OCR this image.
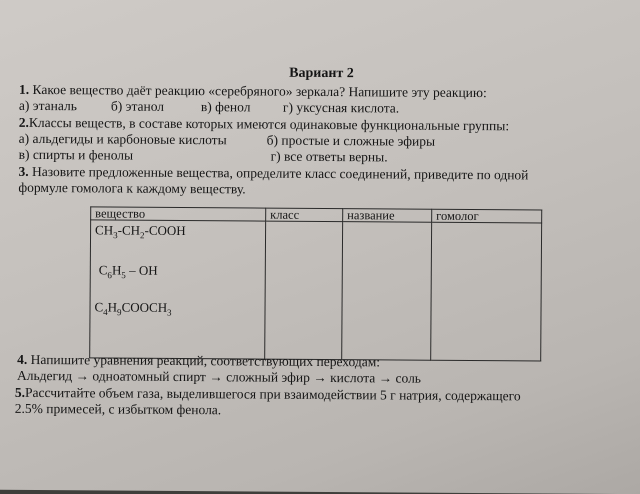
Вариант 2
1. Какое вещество даёт реакцию «серебряного» зеркала? Напишите эту реакцию:
а) этаналь	б) этанол	в) фенол г) уксусная кислота.
2.Классы веществ, в составе которых имеются одинаковые функциональные группы:
а) альдегиды и карбоновые кислоты	б) простые и сложные эфиры
в) спирты и фенолы	г) все ответы верны.
3. Назовите предложенные вещества, определите класс соединений, приведите по одной
формуле гомолога к каждому веществу.
вещество	класс	название	гомолог

$CH_3-CH_2$-COOH
$C_6H_5$ – OH
$C_4H_9COOCH_3$

4. Напишите уравнения реакций, соответствующих переходам:
Альдегид → одноатомный спирт → сложный эфир → кислота → соль
5.Рассчитайте объем газа, выделившегося при взаимодействии 5 г натрия, содержащего
2.5% примесей, с избытком фенола.
